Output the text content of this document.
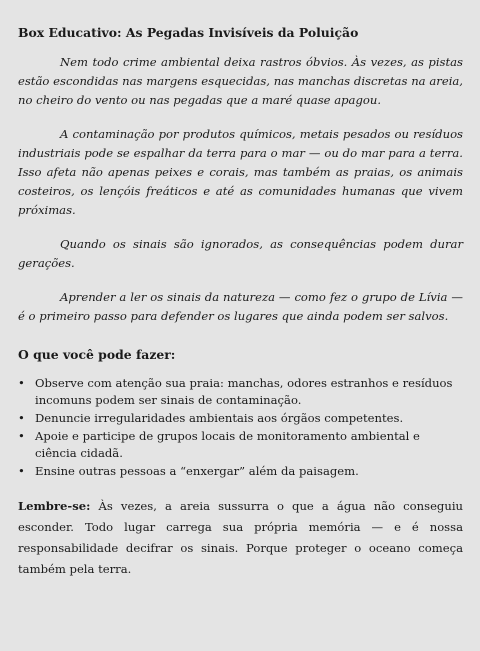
Box Educativo: As Pegadas Invisíveis da Poluição

Nem todo crime ambiental deixa rastros óbvios. Às vezes, as pistas estão escondidas nas margens esquecidas, nas manchas discretas na areia, no cheiro do vento ou nas pegadas que a maré quase apagou.

A contaminação por produtos químicos, metais pesados ou resíduos industriais pode se espalhar da terra para o mar — ou do mar para a terra. Isso afeta não apenas peixes e corais, mas também as praias, os animais costeiros, os lençóis freáticos e até as comunidades humanas que vivem próximas.

Quando os sinais são ignorados, as consequências podem durar gerações.

Aprender a ler os sinais da natureza — como fez o grupo de Lívia — é o primeiro passo para defender os lugares que ainda podem ser salvos.

O que você pode fazer:
• Observe com atenção sua praia: manchas, odores estranhos e resíduos incomuns podem ser sinais de contaminação.
• Denuncie irregularidades ambientais aos órgãos competentes.
• Apoie e participe de grupos locais de monitoramento ambiental e ciência cidadã.
• Ensine outras pessoas a “enxergar” além da paisagem.

Lembre-se: Às vezes, a areia sussurra o que a água não conseguiu esconder. Todo lugar carrega sua própria memória — e é nossa responsabilidade decifrar os sinais. Porque proteger o oceano começa também pela terra.
